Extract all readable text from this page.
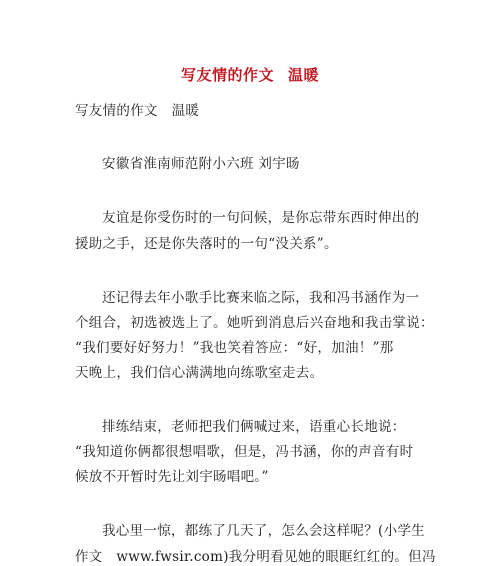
写友情的作文 温暖
写友情的作文　温暖
安徽省淮南师范附小六班 刘宇旸
友谊是你受伤时的一句问候，是你忘带东西时伸出的
援助之手，还是你失落时的一句“没关系”。
还记得去年小歌手比赛来临之际，我和冯书涵作为一
个组合，初选被选上了。她听到消息后兴奋地和我击掌说：
“我们要好好努力！”我也笑着答应：“好，加油！”那
天晚上，我们信心满满地向练歌室走去。
排练结束，老师把我们俩喊过来，语重心长地说：
“我知道你俩都很想唱歌，但是，冯书涵，你的声音有时
候放不开暂时先让刘宇旸唱吧。”
我心里一惊，都练了几天了，怎么会这样呢？(小学生
作文　www.fwsir.com)我分明看见她的眼眶红红的。但冯
